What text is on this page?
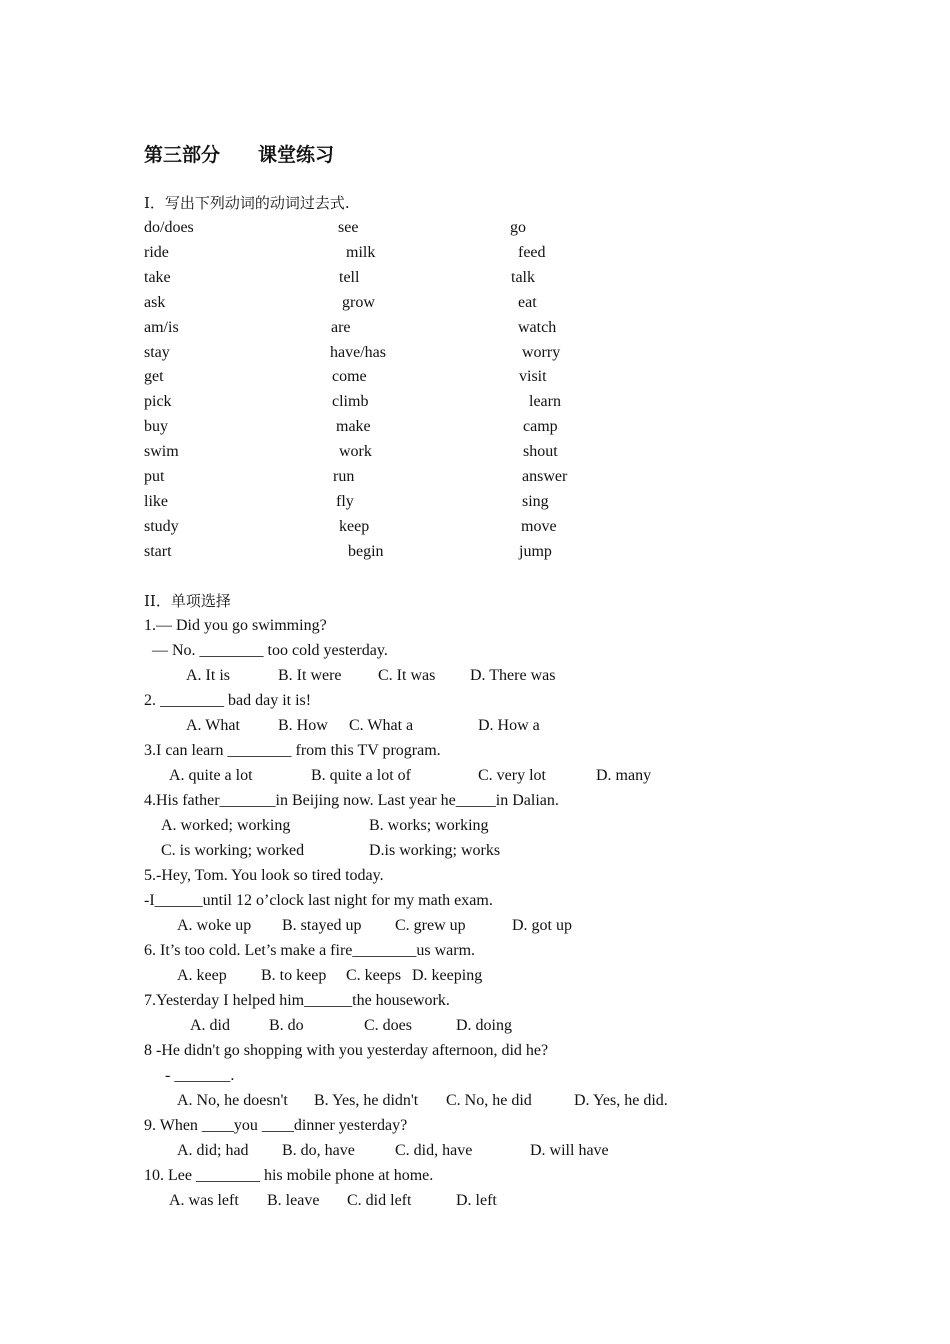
第三部分　　课堂练习
I．写出下列动词的动词过去式.
do/does	see	go
ride	milk	feed
take	tell	talk
ask	grow	eat
am/is	are	watch
stay	have/has	worry
get	come	visit
pick	climb	learn
buy	make	camp
swim	work	shout
put	run	answer
like	fly	sing
study	keep	move
start	begin	jump
II．单项选择
1.— Did you go swimming?
— No. ________ too cold yesterday.
A. It is	B. It were C. It was D. There was
2. ________ bad day it is!
A. What B. How C. What a	D. How a
3.I can learn ________ from this TV program.
A. quite a lot	B. quite a lot of	C. very lot	D. many
4.His father_______in Beijing now. Last year he_____in Dalian.
A. worked; working	B. works; working
C. is working; worked	D.is working; works
5.-Hey, Tom. You look so tired today.
-I______until 12 o’clock last night for my math exam.
A. woke up B. stayed up C. grew up	D. got up
6. It’s too cold. Let’s make a fire________us warm.
A. keep B. to keep C. keeps D. keeping
7.Yesterday I helped him______the housework.
A. did B. do	C. does	D. doing
8 -He didn't go shopping with you yesterday afternoon, did he?
- _______.
A. No, he doesn't B. Yes, he didn't C. No, he did	D. Yes, he did.
9. When ____you ____dinner yesterday?
A. did; had B. do, have	C. did, have	D. will have
10. Lee ________ his mobile phone at home.
A. was left B. leave C. did left	D. left
